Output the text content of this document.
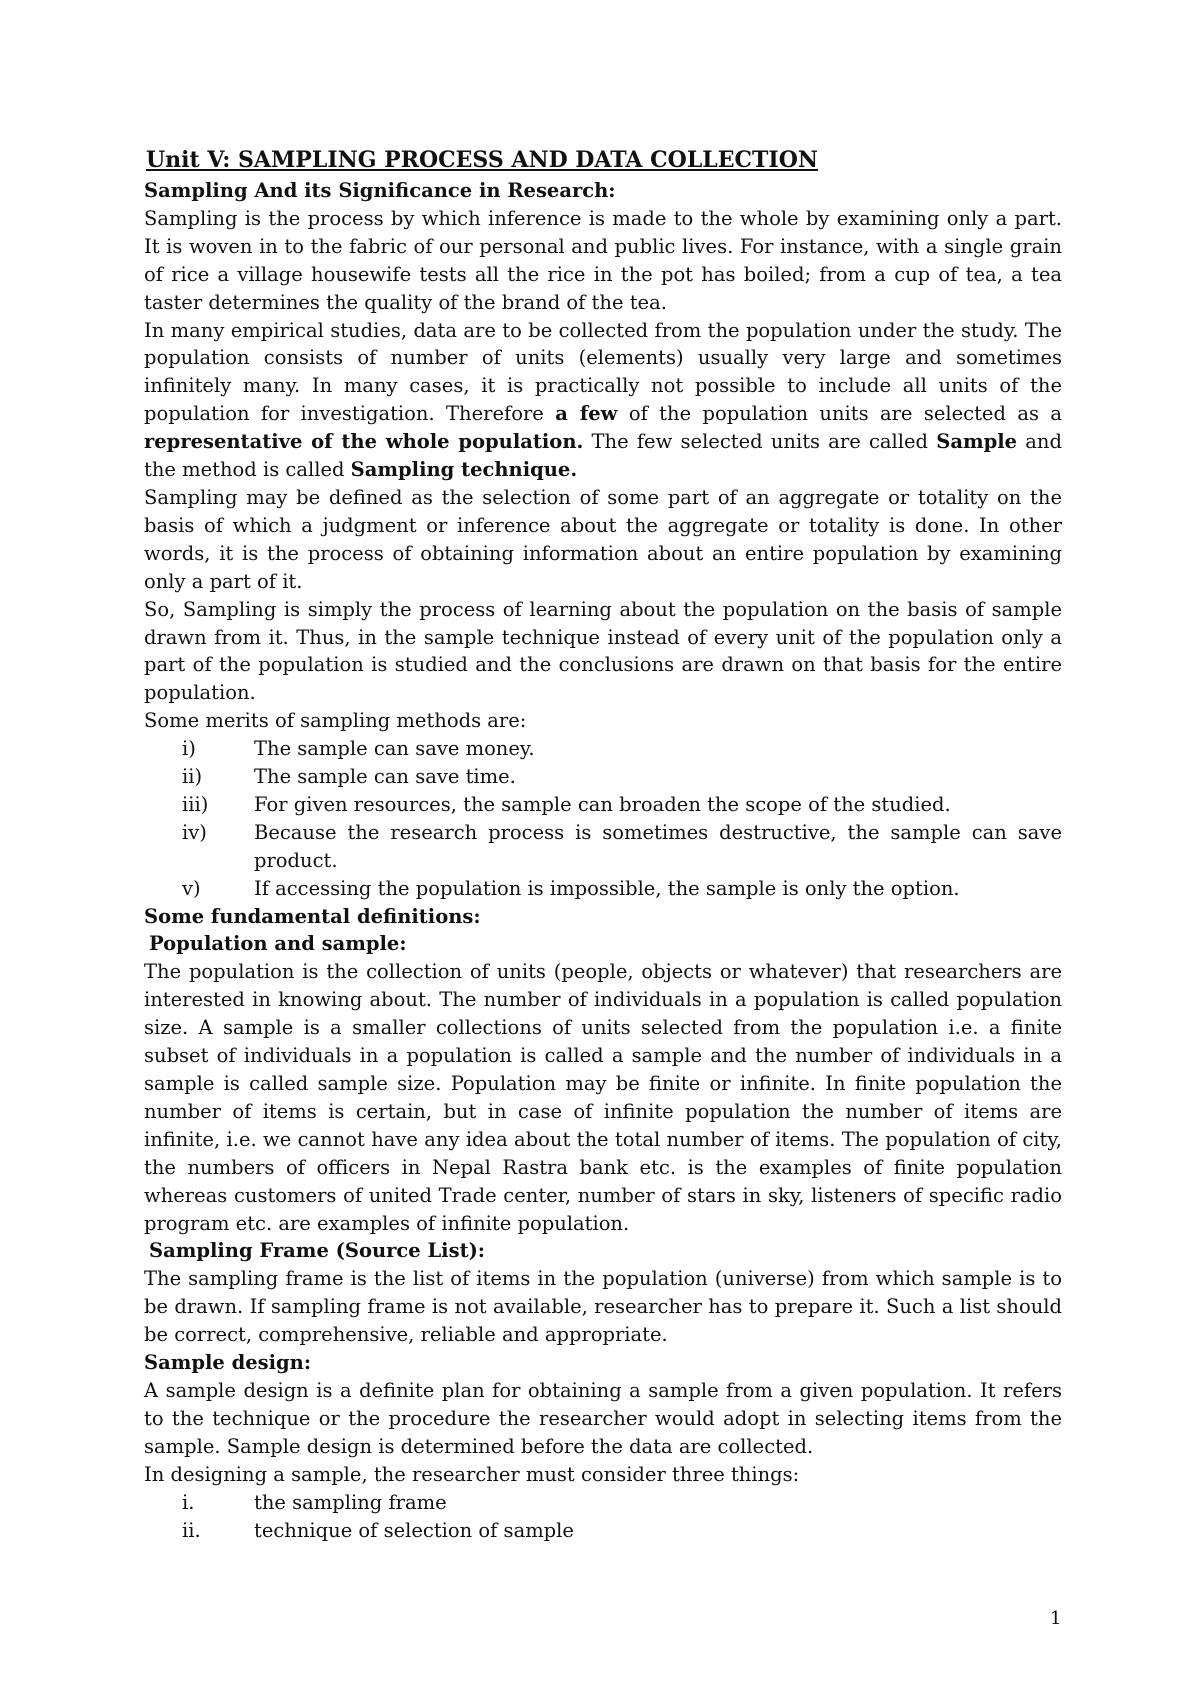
Unit V: SAMPLING PROCESS AND DATA COLLECTION
Sampling And its Significance in Research:

Sampling is the process by which inference is made to the whole by examining only a part. It is woven in to the fabric of our personal and public lives. For instance, with a single grain of rice a village housewife tests all the rice in the pot has boiled; from a cup of tea, a tea taster determines the quality of the brand of the tea.

In many empirical studies, data are to be collected from the population under the study. The population consists of number of units (elements) usually very large and sometimes infinitely many. In many cases, it is practically not possible to include all units of the population for investigation. Therefore a few of the population units are selected as a representative of the whole population. The few selected units are called Sample and the method is called Sampling technique.

Sampling may be defined as the selection of some part of an aggregate or totality on the basis of which a judgment or inference about the aggregate or totality is done. In other words, it is the process of obtaining information about an entire population by examining only a part of it.

So, Sampling is simply the process of learning about the population on the basis of sample drawn from it. Thus, in the sample technique instead of every unit of the population only a part of the population is studied and the conclusions are drawn on that basis for the entire population.

Some merits of sampling methods are:

i)	The sample can save money.
ii)	The sample can save time.
iii)	For given resources, the sample can broaden the scope of the studied.
iv)	Because the research process is sometimes destructive, the sample can save product.
v)	If accessing the population is impossible, the sample is only the option.
Some fundamental definitions:
Population and sample:

The population is the collection of units (people, objects or whatever) that researchers are interested in knowing about. The number of individuals in a population is called population size. A sample is a smaller collections of units selected from the population i.e. a finite subset of individuals in a population is called a sample and the number of individuals in a sample is called sample size. Population may be finite or infinite. In finite population the number of items is certain, but in case of infinite population the number of items are infinite, i.e. we cannot have any idea about the total number of items. The population of city, the numbers of officers in Nepal Rastra bank etc. is the examples of finite population whereas customers of united Trade center, number of stars in sky, listeners of specific radio program etc. are examples of infinite population.

Sampling Frame (Source List):

The sampling frame is the list of items in the population (universe) from which sample is to be drawn. If sampling frame is not available, researcher has to prepare it. Such a list should be correct, comprehensive, reliable and appropriate.

Sample design:

A sample design is a definite plan for obtaining a sample from a given population. It refers to the technique or the procedure the researcher would adopt in selecting items from the sample. Sample design is determined before the data are collected.

In designing a sample, the researcher must consider three things:

i.	the sampling frame
ii.	technique of selection of sample
1
